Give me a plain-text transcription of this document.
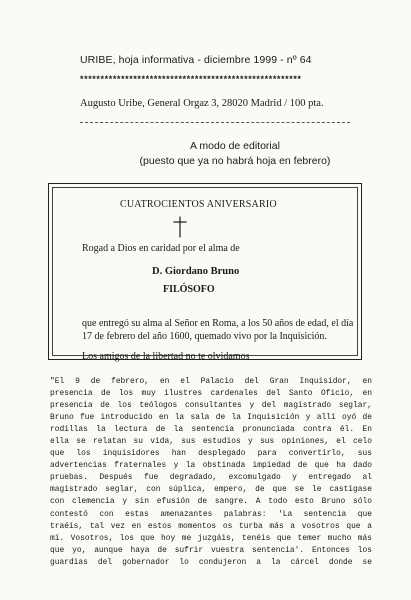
URIBE, hoja informativa - diciembre 1999 - nº 64
******************************************************
Augusto Uribe, General Orgaz 3, 28020 Madrid / 100 pta.
A modo de editorial
(puesto que ya no habrá hoja en febrero)
CUATROCIENTOS ANIVERSARIO
Rogad a Dios en caridad por el alma de
D. Giordano Bruno
FILÓSOFO
que entregó su alma al Señor en Roma, a los 50 años de edad, el día
17 de febrero del año 1600, quemado vivo por la Inquisición.
Los amigos de la libertad no te olvidamos
"El 9 de febrero, en el Palacio del Gran Inquisidor, en
presencia de los muy ilustres cardenales del Santo Oficio, en
presencia de los teólogos consultantes y del magistrado seglar,
Bruno fue introducido en la sala de la Inquisición y allí oyó de
rodillas la lectura de la sentencia pronunciada contra él. En
ella se relatan su vida, sus estudios y sus opiniones, el celo
que los inquisidores han desplegado para convertirlo, sus
advertencias fraternales y la obstinada impiedad de que ha dado
pruebas. Después fue degradado, excomulgado y entregado al
magistrado seglar, con súplica, empero, de que se le castigase
con clemencia y sin efusión de sangre. A todo esto Bruno sólo
contestó con estas amenazantes palabras: 'La sentencia que
traéis, tal vez en estos momentos os turba más a vosotros que a
mí. Vosotros, los que hoy me juzgáis, tenéis que temer mucho más
que yo, aunque haya de sufrir vuestra sentencia'. Entonces los
guardias del gobernador lo condujeron a la cárcel donde se
